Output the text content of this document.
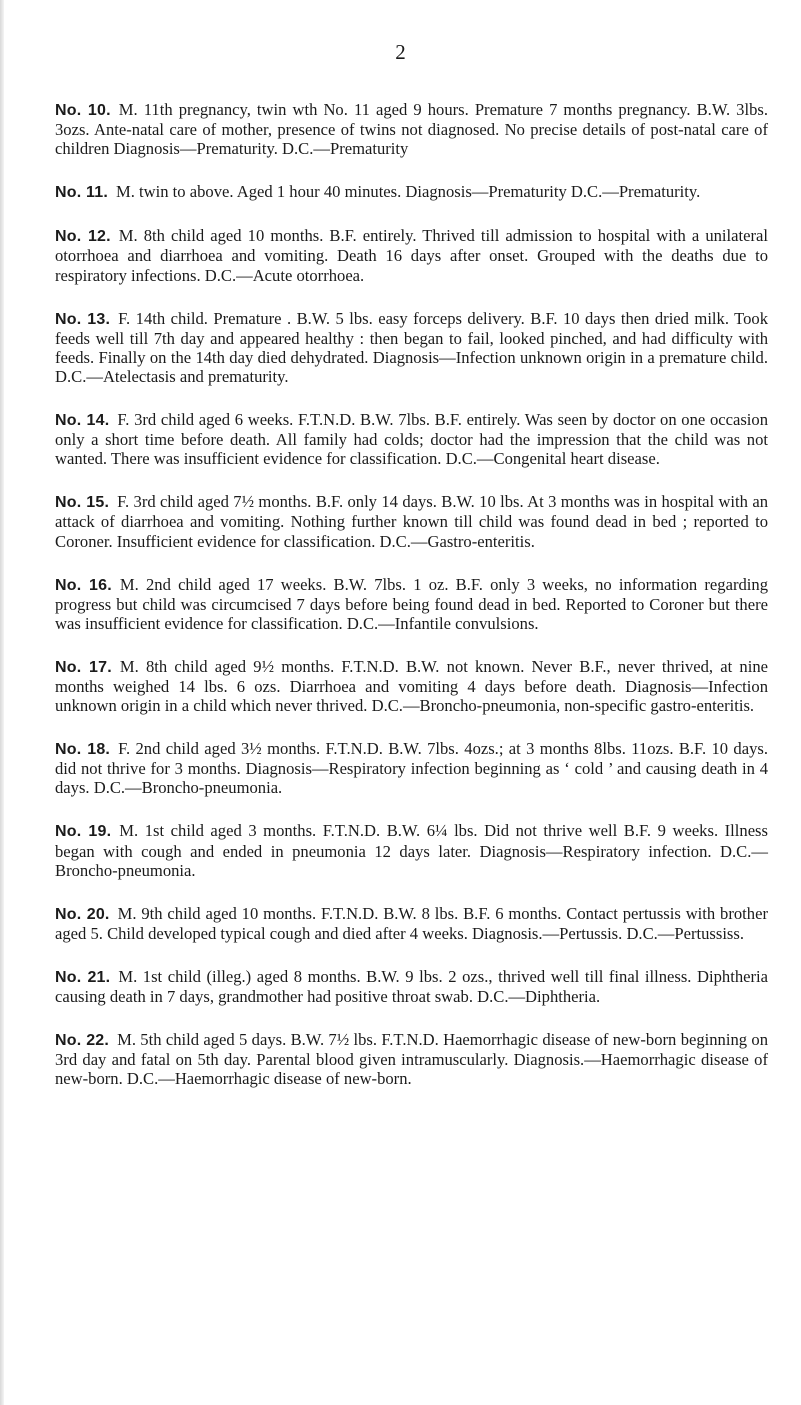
2

No. 10. M. 11th pregnancy, twin wth No. 11 aged 9 hours. Premature 7 months pregnancy. B.W. 3lbs. 3ozs. Ante-natal care of mother, presence of twins not diagnosed. No precise details of post-natal care of children Diagnosis—Prematurity. D.C.—Prematurity

No. 11. M. twin to above. Aged 1 hour 40 minutes. Diagnosis—Prematurity D.C.—Prematurity.

No. 12. M. 8th child aged 10 months. B.F. entirely. Thrived till admission to hospital with a unilateral otorrhoea and diarrhoea and vomiting. Death 16 days after onset. Grouped with the deaths due to respiratory infections. D.C.—Acute otorrhoea.

No. 13. F. 14th child. Premature . B.W. 5 lbs. easy forceps delivery. B.F. 10 days then dried milk. Took feeds well till 7th day and appeared healthy : then began to fail, looked pinched, and had difficulty with feeds. Finally on the 14th day died dehydrated. Diagnosis—Infection unknown origin in a premature child. D.C.—Atelectasis and prematurity.

No. 14. F. 3rd child aged 6 weeks. F.T.N.D. B.W. 7lbs. B.F. entirely. Was seen by doctor on one occasion only a short time before death. All family had colds; doctor had the impression that the child was not wanted. There was insufficient evidence for classification. D.C.—Congenital heart disease.

No. 15. F. 3rd child aged 7½ months. B.F. only 14 days. B.W. 10 lbs. At 3 months was in hospital with an attack of diarrhoea and vomiting. Nothing further known till child was found dead in bed ; reported to Coroner. Insufficient evidence for classification. D.C.—Gastro-enteritis.

No. 16. M. 2nd child aged 17 weeks. B.W. 7lbs. 1 oz. B.F. only 3 weeks, no information regarding progress but child was circumcised 7 days before being found dead in bed. Reported to Coroner but there was insufficient evidence for classification. D.C.—Infantile convulsions.

No. 17. M. 8th child aged 9½ months. F.T.N.D. B.W. not known. Never B.F., never thrived, at nine months weighed 14 lbs. 6 ozs. Diarrhoea and vomiting 4 days before death. Diagnosis—Infection unknown origin in a child which never thrived. D.C.—Broncho-pneumonia, non-specific gastro-enteritis.

No. 18. F. 2nd child aged 3½ months. F.T.N.D. B.W. 7lbs. 4ozs.; at 3 months 8lbs. 11ozs. B.F. 10 days. did not thrive for 3 months. Diagnosis—Respiratory infection beginning as ‘ cold ’ and causing death in 4 days. D.C.—Broncho-pneumonia.

No. 19. M. 1st child aged 3 months. F.T.N.D. B.W. 6¼ lbs. Did not thrive well B.F. 9 weeks. Illness began with cough and ended in pneumonia 12 days later. Diagnosis—Respiratory infection. D.C.—Broncho-pneumonia.

No. 20. M. 9th child aged 10 months. F.T.N.D. B.W. 8 lbs. B.F. 6 months. Contact pertussis with brother aged 5. Child developed typical cough and died after 4 weeks. Diagnosis.—Pertussis. D.C.—Pertussiss.

No. 21. M. 1st child (illeg.) aged 8 months. B.W. 9 lbs. 2 ozs., thrived well till final illness. Diphtheria causing death in 7 days, grandmother had positive throat swab. D.C.—Diphtheria.

No. 22. M. 5th child aged 5 days. B.W. 7½ lbs. F.T.N.D. Haemorrhagic disease of new-born beginning on 3rd day and fatal on 5th day. Parental blood given intramuscularly. Diagnosis.—Haemorrhagic disease of new-born. D.C.—Haemorrhagic disease of new-born.
